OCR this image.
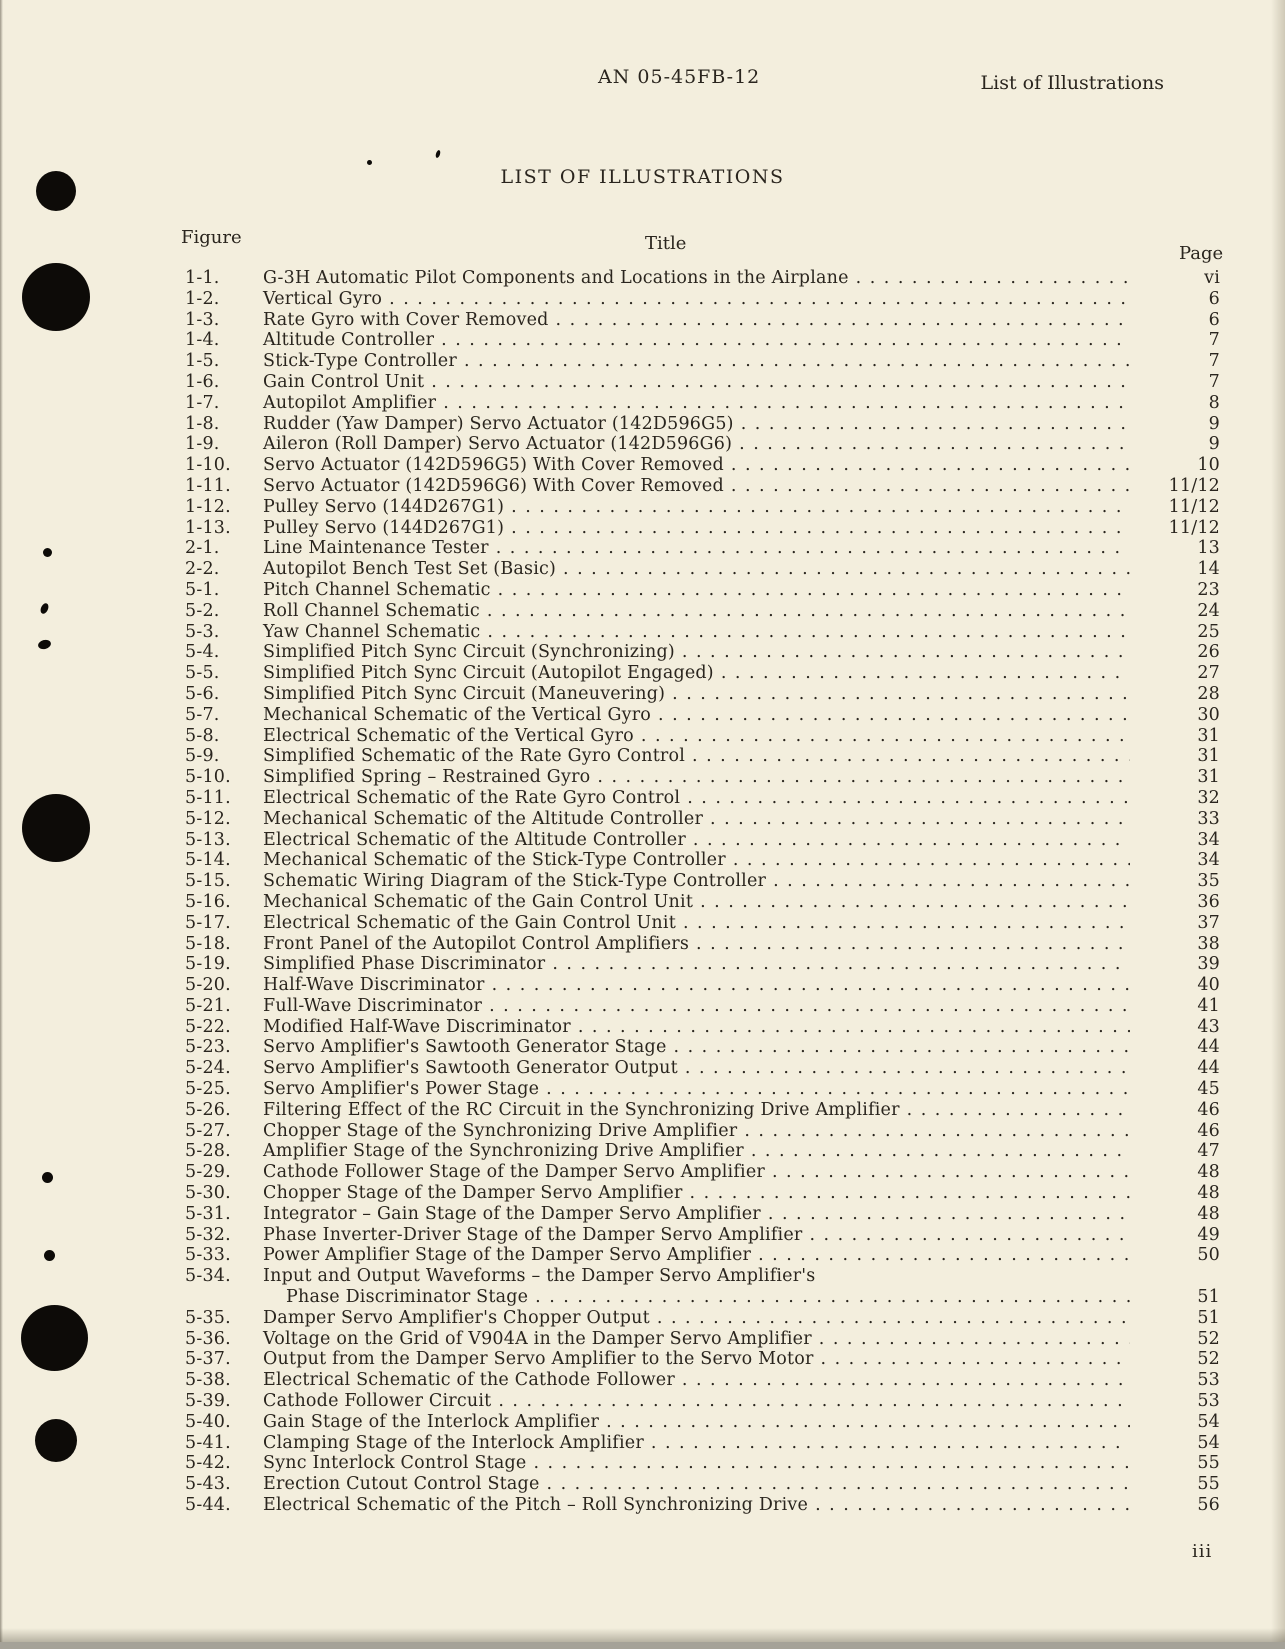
AN 05-45FB-12	List of Illustrations
LIST OF ILLUSTRATIONS
Figure	Title	Page
1-1.	G-3H Automatic Pilot Components and Locations in the Airplane .....	vi
1-2.	Vertical Gyro .....	6
1-3.	Rate Gyro with Cover Removed .....	6
1-4.	Altitude Controller .....	7
1-5.	Stick-Type Controller .....	7
1-6.	Gain Control Unit .....	7
1-7.	Autopilot Amplifier .....	8
1-8.	Rudder (Yaw Damper) Servo Actuator (142D596G5) .....	9
1-9.	Aileron (Roll Damper) Servo Actuator (142D596G6) .....	9
1-10.	Servo Actuator (142D596G5) With Cover Removed .....	10
1-11.	Servo Actuator (142D596G6) With Cover Removed .....	11/12
1-12.	Pulley Servo (144D267G1) .....	11/12
1-13.	Pulley Servo (144D267G1) .....	11/12
2-1.	Line Maintenance Tester .....	13
2-2.	Autopilot Bench Test Set (Basic) .....	14
5-1.	Pitch Channel Schematic .....	23
5-2.	Roll Channel Schematic .....	24
5-3.	Yaw Channel Schematic .....	25
5-4.	Simplified Pitch Sync Circuit (Synchronizing) .....	26
5-5.	Simplified Pitch Sync Circuit (Autopilot Engaged) .....	27
5-6.	Simplified Pitch Sync Circuit (Maneuvering) .....	28
5-7.	Mechanical Schematic of the Vertical Gyro .....	30
5-8.	Electrical Schematic of the Vertical Gyro .....	31
5-9.	Simplified Schematic of the Rate Gyro Control .....	31
5-10.	Simplified Spring – Restrained Gyro .....	31
5-11.	Electrical Schematic of the Rate Gyro Control .....	32
5-12.	Mechanical Schematic of the Altitude Controller .....	33
5-13.	Electrical Schematic of the Altitude Controller .....	34
5-14.	Mechanical Schematic of the Stick-Type Controller .....	34
5-15.	Schematic Wiring Diagram of the Stick-Type Controller .....	35
5-16.	Mechanical Schematic of the Gain Control Unit .....	36
5-17.	Electrical Schematic of the Gain Control Unit .....	37
5-18.	Front Panel of the Autopilot Control Amplifiers .....	38
5-19.	Simplified Phase Discriminator .....	39
5-20.	Half-Wave Discriminator .....	40
5-21.	Full-Wave Discriminator .....	41
5-22.	Modified Half-Wave Discriminator .....	43
5-23.	Servo Amplifier's Sawtooth Generator Stage .....	44
5-24.	Servo Amplifier's Sawtooth Generator Output .....	44
5-25.	Servo Amplifier's Power Stage .....	45
5-26.	Filtering Effect of the RC Circuit in the Synchronizing Drive Amplifier .....	46
5-27.	Chopper Stage of the Synchronizing Drive Amplifier .....	46
5-28.	Amplifier Stage of the Synchronizing Drive Amplifier .....	47
5-29.	Cathode Follower Stage of the Damper Servo Amplifier .....	48
5-30.	Chopper Stage of the Damper Servo Amplifier .....	48
5-31.	Integrator – Gain Stage of the Damper Servo Amplifier .....	48
5-32.	Phase Inverter-Driver Stage of the Damper Servo Amplifier .....	49
5-33.	Power Amplifier Stage of the Damper Servo Amplifier .....	50
5-34.	Input and Output Waveforms – the Damper Servo Amplifier's
Phase Discriminator Stage .....	51
5-35.	Damper Servo Amplifier's Chopper Output .....	51
5-36.	Voltage on the Grid of V904A in the Damper Servo Amplifier .....	52
5-37.	Output from the Damper Servo Amplifier to the Servo Motor .....	52
5-38.	Electrical Schematic of the Cathode Follower .....	53
5-39.	Cathode Follower Circuit .....	53
5-40.	Gain Stage of the Interlock Amplifier .....	54
5-41.	Clamping Stage of the Interlock Amplifier .....	54
5-42.	Sync Interlock Control Stage .....	55
5-43.	Erection Cutout Control Stage .....	55
5-44.	Electrical Schematic of the Pitch – Roll Synchronizing Drive .....	56
iii
